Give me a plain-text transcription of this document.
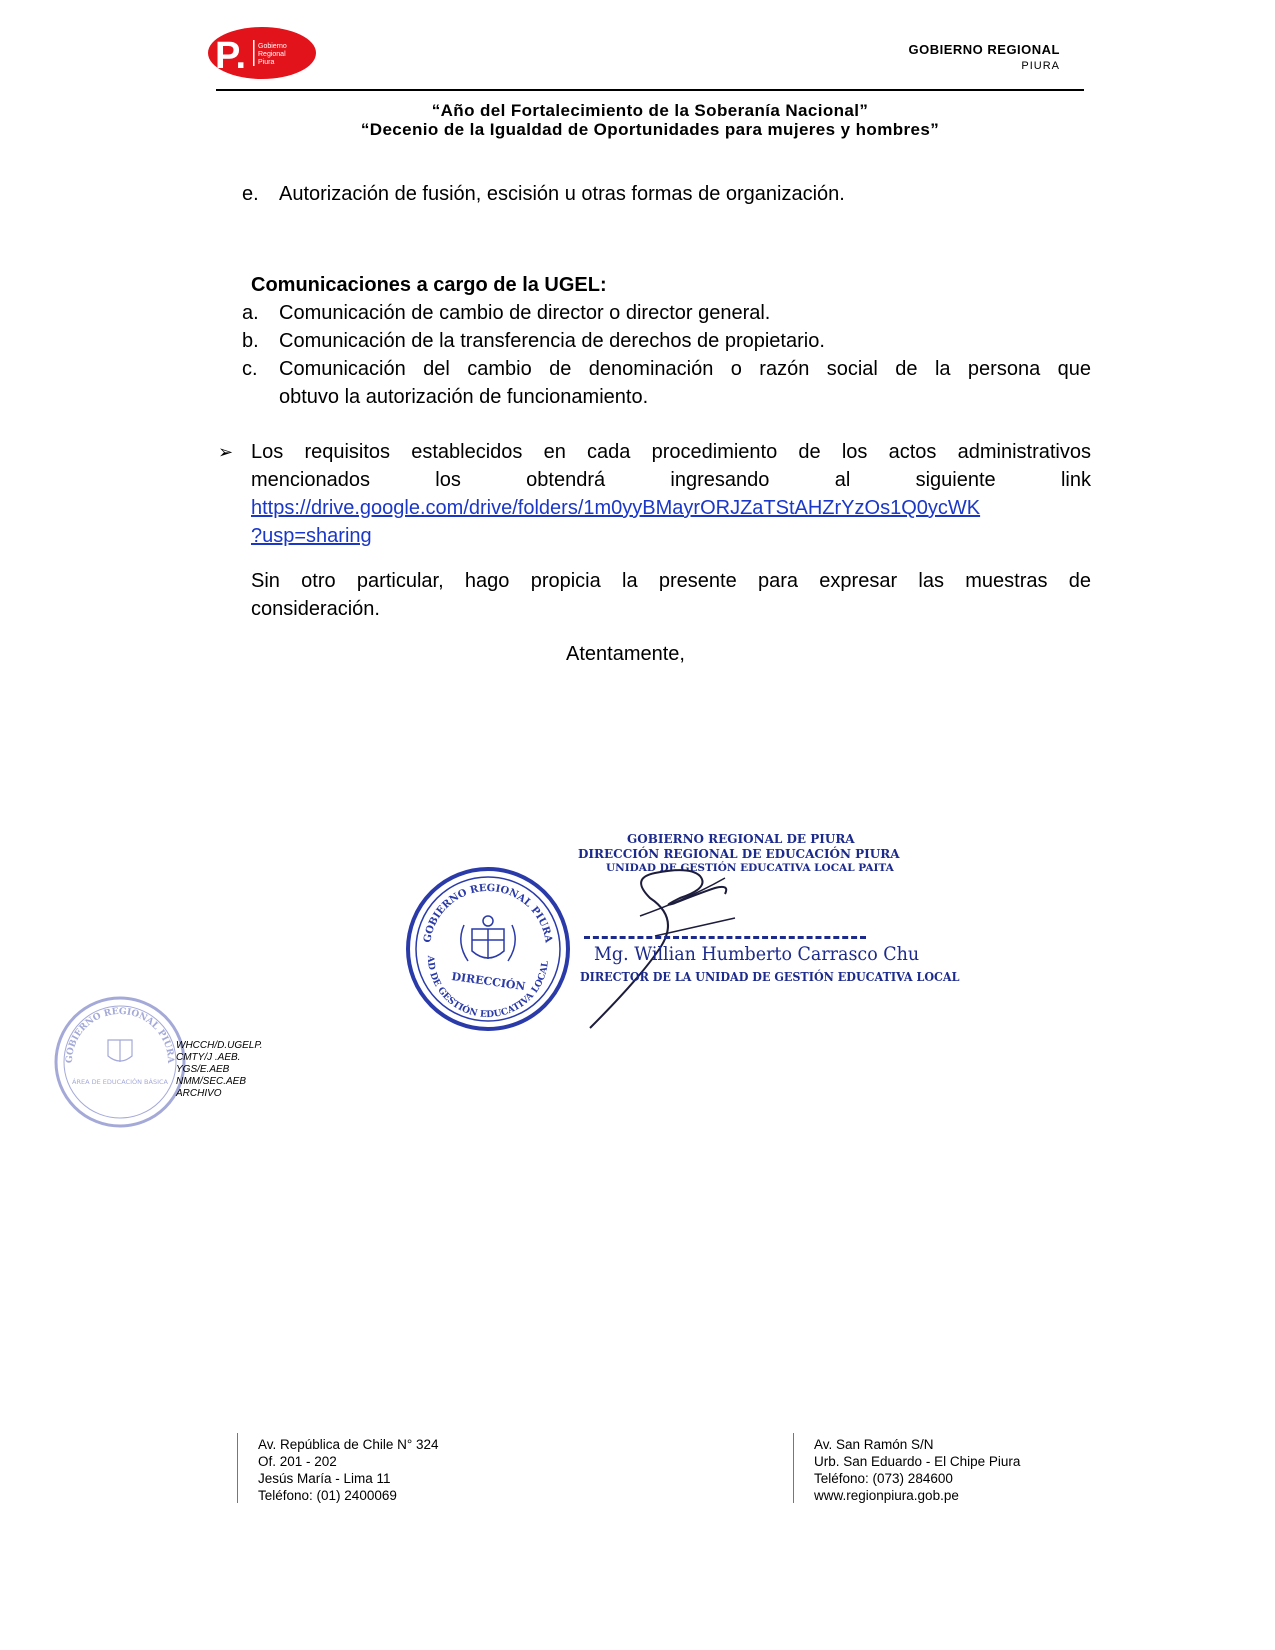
P. Gobierno
Regional
Piura
GOBIERNO REGIONAL
PIURA
“Año del Fortalecimiento de la Soberanía Nacional”
“Decenio de la Igualdad de Oportunidades para mujeres y hombres”
e.	Autorización de fusión, escisión u otras formas de organización.
Comunicaciones a cargo de la UGEL:
a.	Comunicación de cambio de director o director general.
b.	Comunicación de la transferencia de derechos de propietario.
c.	Comunicación del cambio de denominación o razón social de la persona que
obtuvo la autorización de funcionamiento.
➢ Los requisitos establecidos en cada procedimiento de los actos administrativos
mencionados los obtendrá ingresando al siguiente link
https://drive.google.com/drive/folders/1m0yyBMayrORJZaTStAHZrYzOs1Q0ycWK
?usp=sharing
Sin otro particular, hago propicia la presente para expresar las muestras de
consideración.
Atentamente,
GOBIERNO REGIONAL PIURA
AD DE GESTIÓN EDUCATIVA LOCAL
DIRECCIÓN
GOBIERNO REGIONAL DE PIURA
DIRECCIÓN REGIONAL DE EDUCACIÓN PIURA
UNIDAD DE GESTIÓN EDUCATIVA LOCAL PAITA
Mg. Willian Humberto Carrasco Chu
DIRECTOR DE LA UNIDAD DE GESTIÓN EDUCATIVA LOCAL
GOBIERNO REGIONAL PIURA
ÁREA DE EDUCACIÓN BÁSICA
WHCCH/D.UGELP.
CMTY/J .AEB.
YGS/E.AEB
NMM/SEC.AEB
ARCHIVO
Av. República de Chile N° 324
Of. 201 - 202
Jesús María - Lima 11
Teléfono: (01) 2400069
Av. San Ramón S/N
Urb. San Eduardo - El Chipe Piura
Teléfono: (073) 284600
www.regionpiura.gob.pe
